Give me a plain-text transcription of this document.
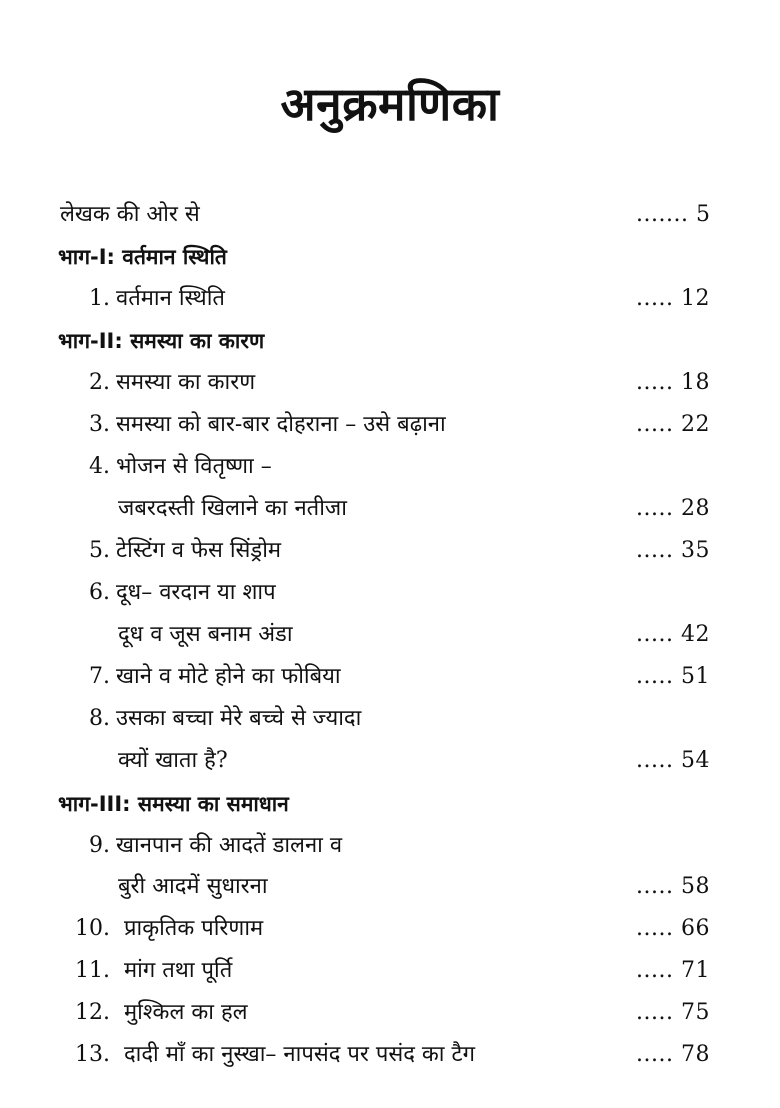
अनुक्रमणिका
लेखक की ओर से	....... 5
भाग-I: वर्तमान स्थिति
1. वर्तमान स्थिति	..... 12
भाग-II: समस्या का कारण
2. समस्या का कारण	..... 18
3. समस्या को बार-बार दोहराना – उसे बढ़ाना	..... 22
4. भोजन से वितृष्णा –
जबरदस्ती खिलाने का नतीजा	..... 28
5. टेस्टिंग व फेस सिंड्रोम	..... 35
6. दूध– वरदान या शाप
दूध व जूस बनाम अंडा	..... 42
7. खाने व मोटे होने का फोबिया	..... 51
8. उसका बच्चा मेरे बच्चे से ज्यादा
क्यों खाता है?	..... 54
भाग-III: समस्या का समाधान
9. खानपान की आदतें डालना व
बुरी आदमें सुधारना	..... 58
10. प्राकृतिक परिणाम	..... 66
11. मांग तथा पूर्ति	..... 71
12. मुश्किल का हल	..... 75
13. दादी माँ का नुस्खा– नापसंद पर पसंद का टैग	..... 78
